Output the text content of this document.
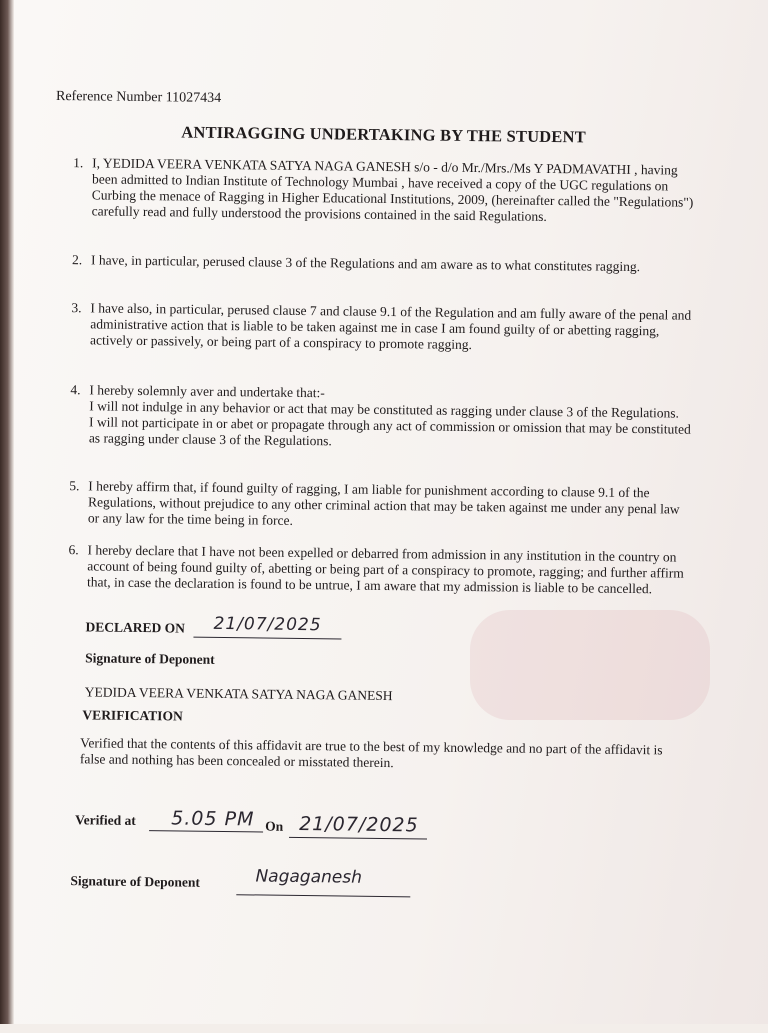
Reference Number 11027434
ANTIRAGGING UNDERTAKING BY THE STUDENT
1. I, YEDIDA VEERA VENKATA SATYA NAGA GANESH s/o - d/o Mr./Mrs./Ms Y PADMAVATHI , having been admitted to Indian Institute of Technology Mumbai , have received a copy of the UGC regulations on Curbing the menace of Ragging in Higher Educational Institutions, 2009, (hereinafter called the "Regulations") carefully read and fully understood the provisions contained in the said Regulations.

2. I have, in particular, perused clause 3 of the Regulations and am aware as to what constitutes ragging.

3. I have also, in particular, perused clause 7 and clause 9.1 of the Regulation and am fully aware of the penal and administrative action that is liable to be taken against me in case I am found guilty of or abetting ragging, actively or passively, or being part of a conspiracy to promote ragging.

4. I hereby solemnly aver and undertake that:-

I will not indulge in any behavior or act that may be constituted as ragging under clause 3 of the Regulations.

I will not participate in or abet or propagate through any act of commission or omission that may be constituted as ragging under clause 3 of the Regulations.

5. I hereby affirm that, if found guilty of ragging, I am liable for punishment according to clause 9.1 of the Regulations, without prejudice to any other criminal action that may be taken against me under any penal law or any law for the time being in force.

6. I hereby declare that I have not been expelled or debarred from admission in any institution in the country on account of being found guilty of, abetting or being part of a conspiracy to promote, ragging; and further affirm that, in case the declaration is found to be untrue, I am aware that my admission is liable to be cancelled.

DECLARED ON 21/07/2025
Signature of Deponent
YEDIDA VEERA VENKATA SATYA NAGA GANESH
VERIFICATION
Verified that the contents of this affidavit are true to the best of my knowledge and no part of the affidavit is false and nothing has been concealed or misstated therein.
Verified at 5.05 PM On 21/07/2025
Signature of Deponent	Nagaganesh
